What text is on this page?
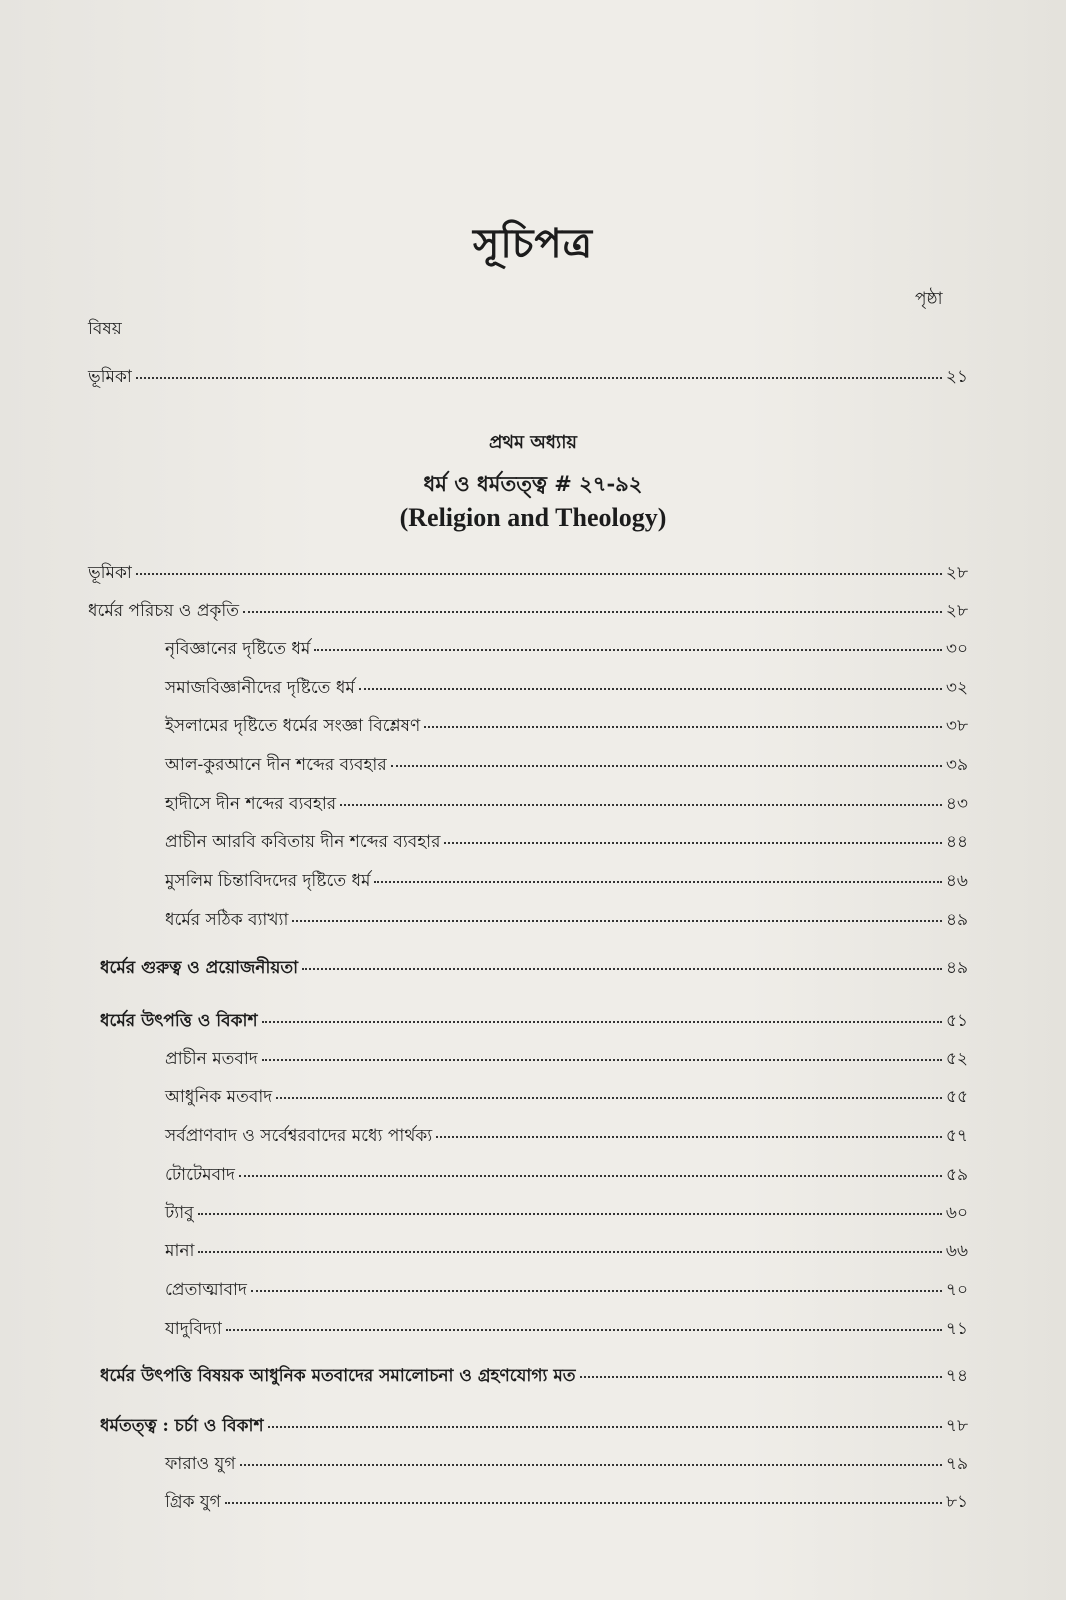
সূচিপত্র
পৃষ্ঠা
বিষয়
ভূমিকা	২১
প্রথম অধ্যায়
ধর্ম ও ধর্মতত্ত্ব # ২৭-৯২
(Religion and Theology)
ভূমিকা	২৮
ধর্মের পরিচয় ও প্রকৃতি	২৮
নৃবিজ্ঞানের দৃষ্টিতে ধর্ম	৩০
সমাজবিজ্ঞানীদের দৃষ্টিতে ধর্ম	৩২
ইসলামের দৃষ্টিতে ধর্মের সংজ্ঞা বিশ্লেষণ	৩৮
আল-কুরআনে দীন শব্দের ব্যবহার	৩৯
হাদীসে দীন শব্দের ব্যবহার	৪৩
প্রাচীন আরবি কবিতায় দীন শব্দের ব্যবহার	৪৪
মুসলিম চিন্তাবিদদের দৃষ্টিতে ধর্ম	৪৬
ধর্মের সঠিক ব্যাখ্যা	৪৯
ধর্মের গুরুত্ব ও প্রয়োজনীয়তা	৪৯
ধর্মের উৎপত্তি ও বিকাশ	৫১
প্রাচীন মতবাদ	৫২
আধুনিক মতবাদ	৫৫
সর্বপ্রাণবাদ ও সর্বেশ্বরবাদের মধ্যে পার্থক্য	৫৭
টোটেমবাদ	৫৯
ট্যাবু	৬০
মানা	৬৬
প্রেতাত্মাবাদ	৭০
যাদুবিদ্যা	৭১
ধর্মের উৎপত্তি বিষয়ক আধুনিক মতবাদের সমালোচনা ও গ্রহণযোগ্য মত	৭৪
ধর্মতত্ত্ব : চর্চা ও বিকাশ	৭৮
ফারাও যুগ	৭৯
গ্রিক যুগ	৮১
